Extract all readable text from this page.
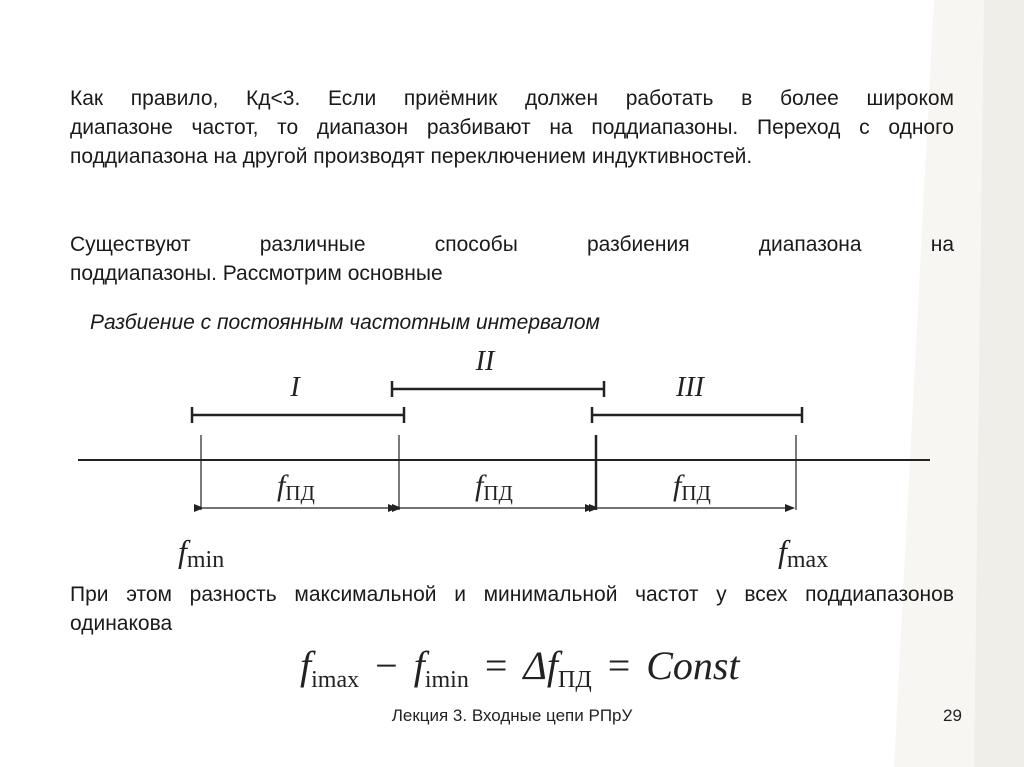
Как правило, Кд<3. Если приёмник должен работать в более широком
диапазоне частот, то диапазон разбивают на поддиапазоны. Переход с одного поддиапазона на другой производят переключением индуктивностей.
Существуют различные способы разбиения диапазона на
поддиапазоны. Рассмотрим основные
Разбиение с постоянным частотным интервалом
I
II
III
fПД	fПД	fПД
fmin	fmax
При этом разность максимальной и минимальной частот у всех поддиапазонов одинакова
$f_{imax} - f_{imin} = \Delta f_{ПД}$ = Const
Лекция 3. Входные цепи РПрУ	29
